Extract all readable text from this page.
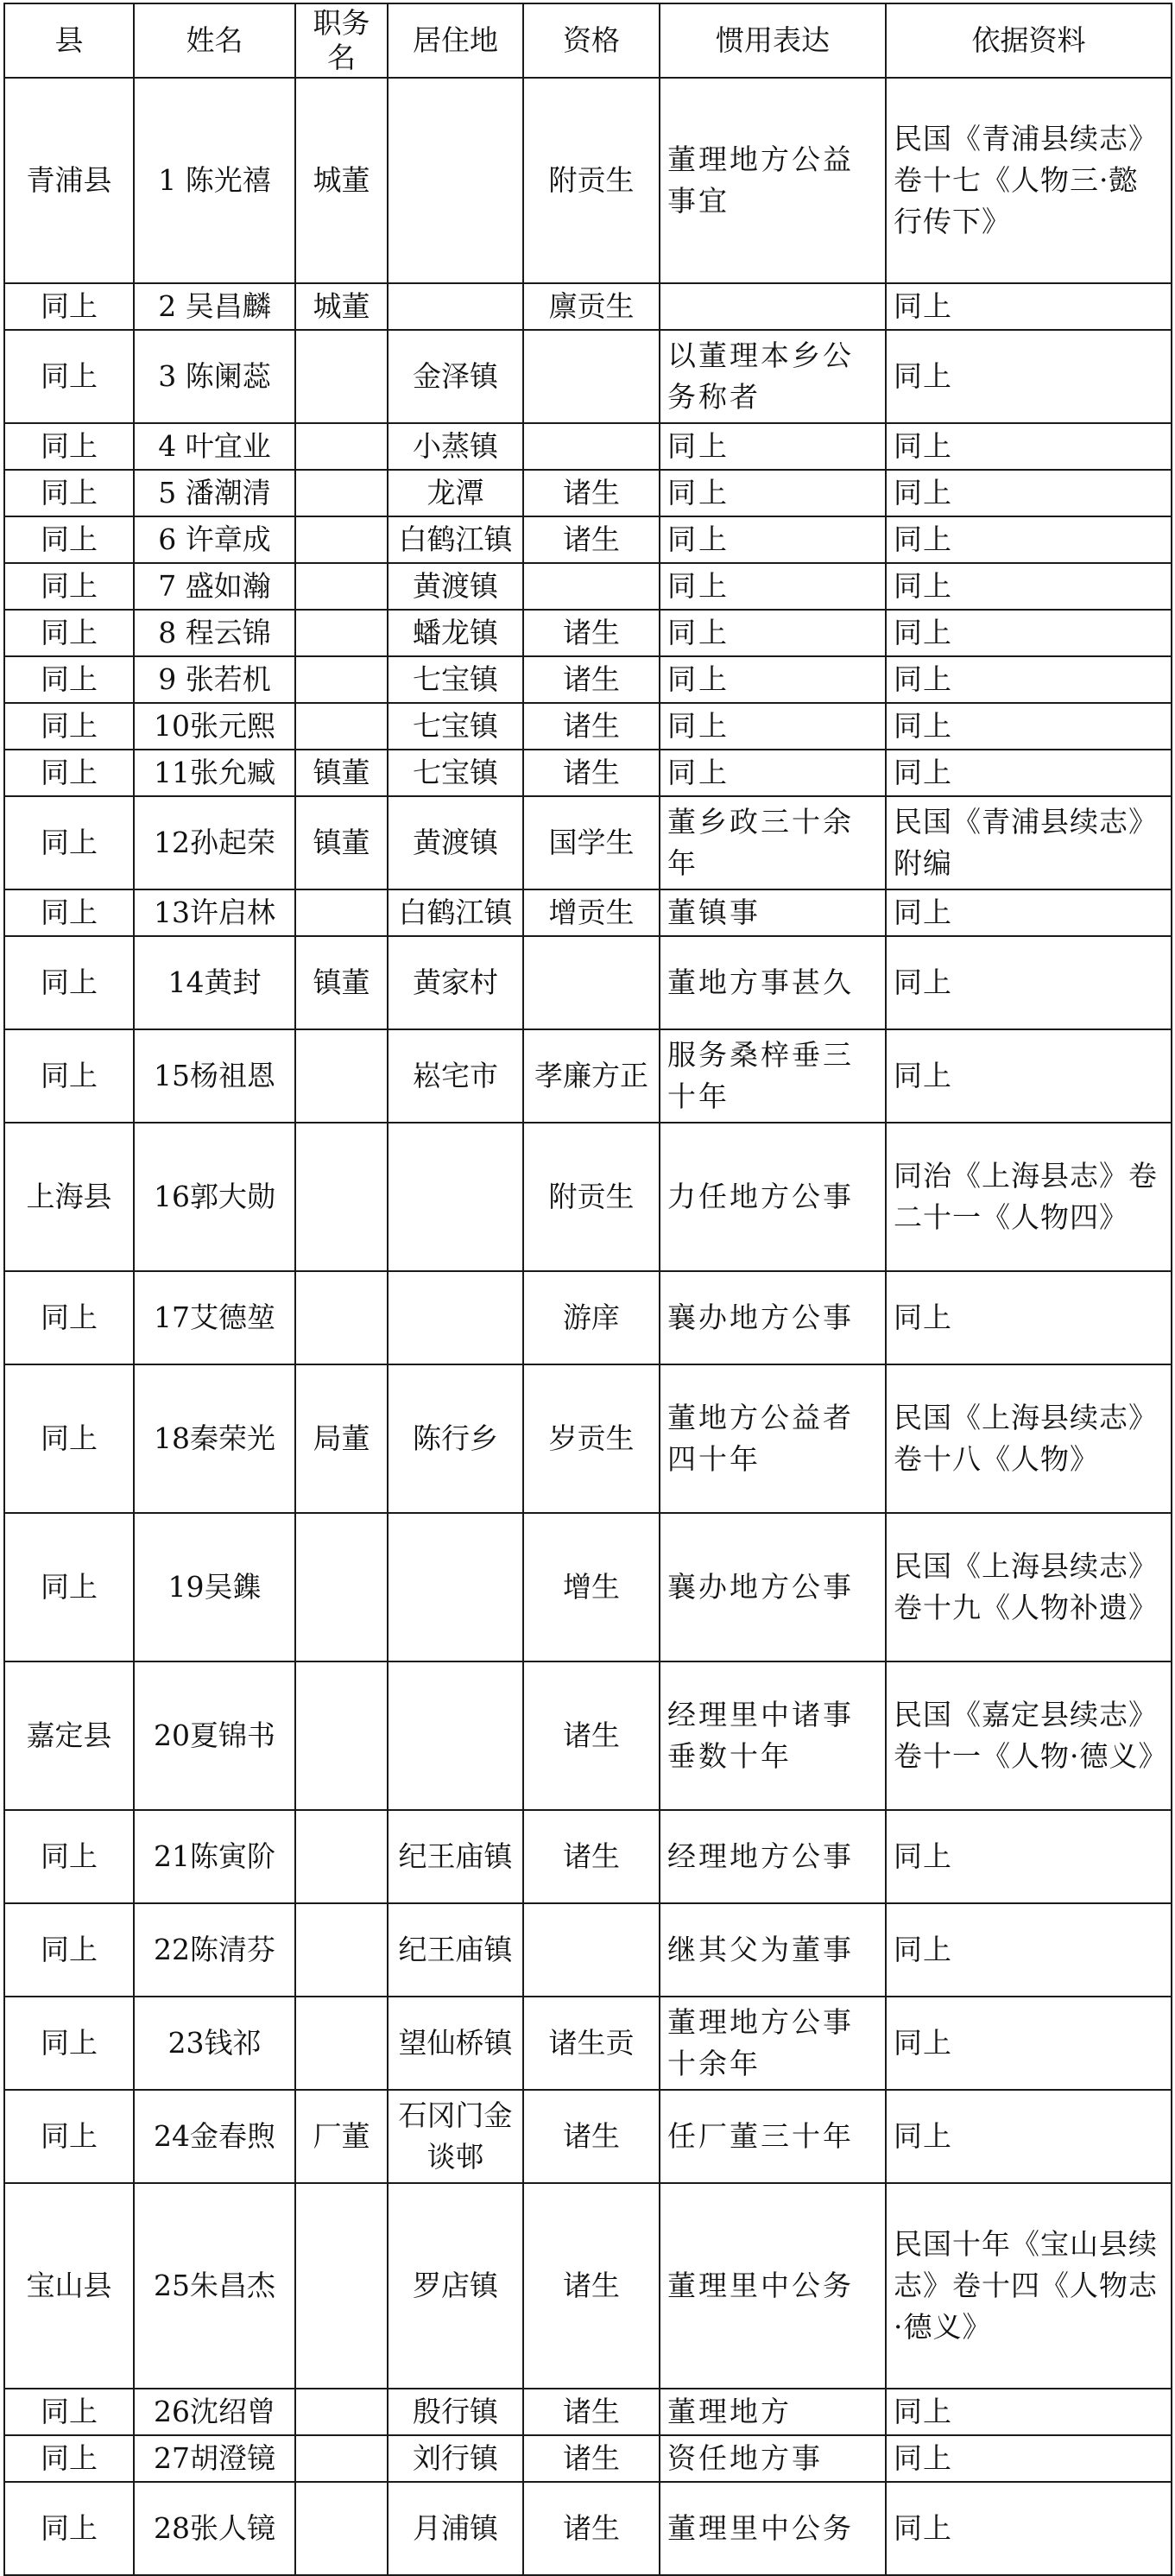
县	姓名	职务名	居住地	资格	惯用表达	依据资料
青浦县	1 陈光禧	城董		附贡生	董理地方公益事宜	民国《青浦县续志》卷十七《人物三·懿行传下》
同上	2 吴昌麟	城董		廪贡生		同上
同上	3 陈阑蕊		金泽镇		以董理本乡公务称者	同上
同上	4 叶宜业		小蒸镇		同上	同上
同上	5 潘潮清		龙潭	诸生	同上	同上
同上	6 许章成		白鹤江镇	诸生	同上	同上
同上	7 盛如瀚		黄渡镇		同上	同上
同上	8 程云锦		蟠龙镇	诸生	同上	同上
同上	9 张若机		七宝镇	诸生	同上	同上
同上	10张元熙		七宝镇	诸生	同上	同上
同上	11张允臧	镇董	七宝镇	诸生	同上	同上
同上	12孙起荣	镇董	黄渡镇	国学生	董乡政三十余年	民国《青浦县续志》附编
同上	13许启林		白鹤江镇	增贡生	董镇事	同上
同上	14黄封	镇董	黄家村		董地方事甚久	同上
同上	15杨祖恩		崧宅市	孝廉方正	服务桑梓垂三十年	同上
上海县	16郭大勋			附贡生	力任地方公事	同治《上海县志》卷二十一《人物四》
同上	17艾德堃			游庠	襄办地方公事	同上
同上	18秦荣光	局董	陈行乡	岁贡生	董地方公益者四十年	民国《上海县续志》卷十八《人物》
同上	19吴鏶			增生	襄办地方公事	民国《上海县续志》卷十九《人物补遗》
嘉定县	20夏锦书			诸生	经理里中诸事垂数十年	民国《嘉定县续志》卷十一《人物·德义》
同上	21陈寅阶		纪王庙镇	诸生	经理地方公事	同上
同上	22陈清芬		纪王庙镇		继其父为董事	同上
同上	23钱祁		望仙桥镇	诸生贡	董理地方公事十余年	同上
同上	24金春煦	厂董	石冈门金谈邨	诸生	任厂董三十年	同上
宝山县	25朱昌杰		罗店镇	诸生	董理里中公务	民国十年《宝山县续志》卷十四《人物志·德义》
同上	26沈绍曾		殷行镇	诸生	董理地方	同上
同上	27胡澄镜		刘行镇	诸生	资任地方事	同上
同上	28张人镜		月浦镇	诸生	董理里中公务	同上
